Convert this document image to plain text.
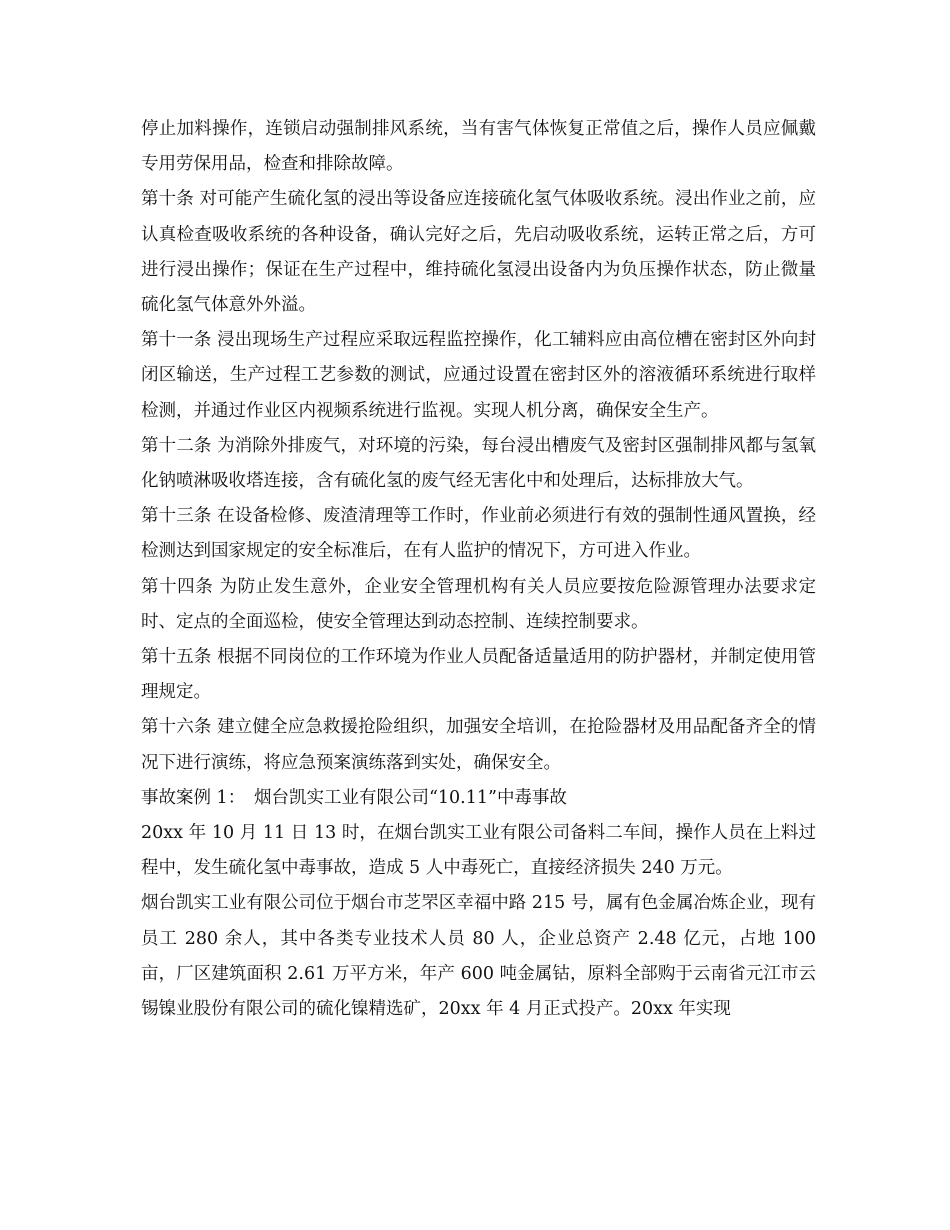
停止加料操作，连锁启动强制排风系统，当有害气体恢复正常值之后，操作人员应佩戴专用劳保用品，检查和排除故障。

第十条 对可能产生硫化氢的浸出等设备应连接硫化氢气体吸收系统。浸出作业之前，应认真检查吸收系统的各种设备，确认完好之后，先启动吸收系统，运转正常之后，方可进行浸出操作；保证在生产过程中，维持硫化氢浸出设备内为负压操作状态，防止微量硫化氢气体意外外溢。

第十一条 浸出现场生产过程应采取远程监控操作，化工辅料应由高位槽在密封区外向封闭区输送，生产过程工艺参数的测试，应通过设置在密封区外的溶液循环系统进行取样检测，并通过作业区内视频系统进行监视。实现人机分离，确保安全生产。

第十二条 为消除外排废气，对环境的污染，每台浸出槽废气及密封区强制排风都与氢氧化钠喷淋吸收塔连接，含有硫化氢的废气经无害化中和处理后，达标排放大气。

第十三条 在设备检修、废渣清理等工作时，作业前必须进行有效的强制性通风置换，经检测达到国家规定的安全标准后，在有人监护的情况下，方可进入作业。

第十四条 为防止发生意外，企业安全管理机构有关人员应要按危险源管理办法要求定时、定点的全面巡检，使安全管理达到动态控制、连续控制要求。

第十五条 根据不同岗位的工作环境为作业人员配备适量适用的防护器材，并制定使用管理规定。

第十六条 建立健全应急救援抢险组织，加强安全培训，在抢险器材及用品配备齐全的情况下进行演练，将应急预案演练落到实处，确保安全。

事故案例 1：　烟台凯实工业有限公司“10.11”中毒事故

20xx 年 10 月 11 日 13 时，在烟台凯实工业有限公司备料二车间，操作人员在上料过程中，发生硫化氢中毒事故，造成 5 人中毒死亡，直接经济损失 240 万元。

烟台凯实工业有限公司位于烟台市芝罘区幸福中路 215 号，属有色金属冶炼企业，现有员工 280 余人，其中各类专业技术人员 80 人，企业总资产 2.48 亿元，占地 100 亩，厂区建筑面积 2.61 万平方米，年产 600 吨金属钴，原料全部购于云南省元江市云锡镍业股份有限公司的硫化镍精选矿，20xx 年 4 月正式投产。20xx 年实现
